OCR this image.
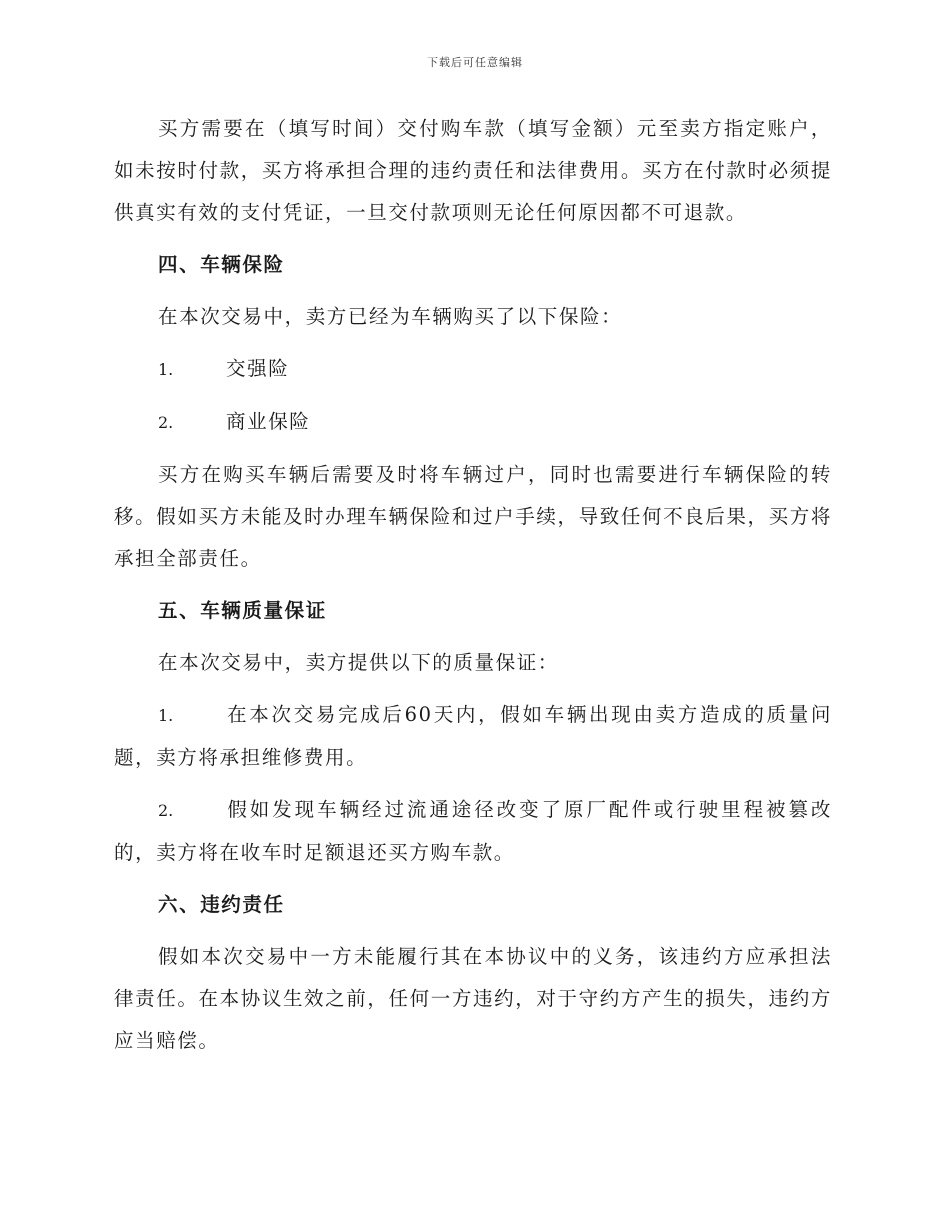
下载后可任意编辑

买方需要在（填写时间）交付购车款（填写金额）元至卖方指定账户，如未按时付款，买方将承担合理的违约责任和法律费用。买方在付款时必须提供真实有效的支付凭证，一旦交付款项则无论任何原因都不可退款。

四、车辆保险

在本次交易中，卖方已经为车辆购买了以下保险：

1.	交强险

2.	商业保险

买方在购买车辆后需要及时将车辆过户，同时也需要进行车辆保险的转移。假如买方未能及时办理车辆保险和过户手续，导致任何不良后果，买方将承担全部责任。

五、车辆质量保证

在本次交易中，卖方提供以下的质量保证：

1.	在本次交易完成后60天内，假如车辆出现由卖方造成的质量问题，卖方将承担维修费用。

2.	假如发现车辆经过流通途径改变了原厂配件或行驶里程被篡改的，卖方将在收车时足额退还买方购车款。

六、违约责任

假如本次交易中一方未能履行其在本协议中的义务，该违约方应承担法律责任。在本协议生效之前，任何一方违约，对于守约方产生的损失，违约方应当赔偿。
